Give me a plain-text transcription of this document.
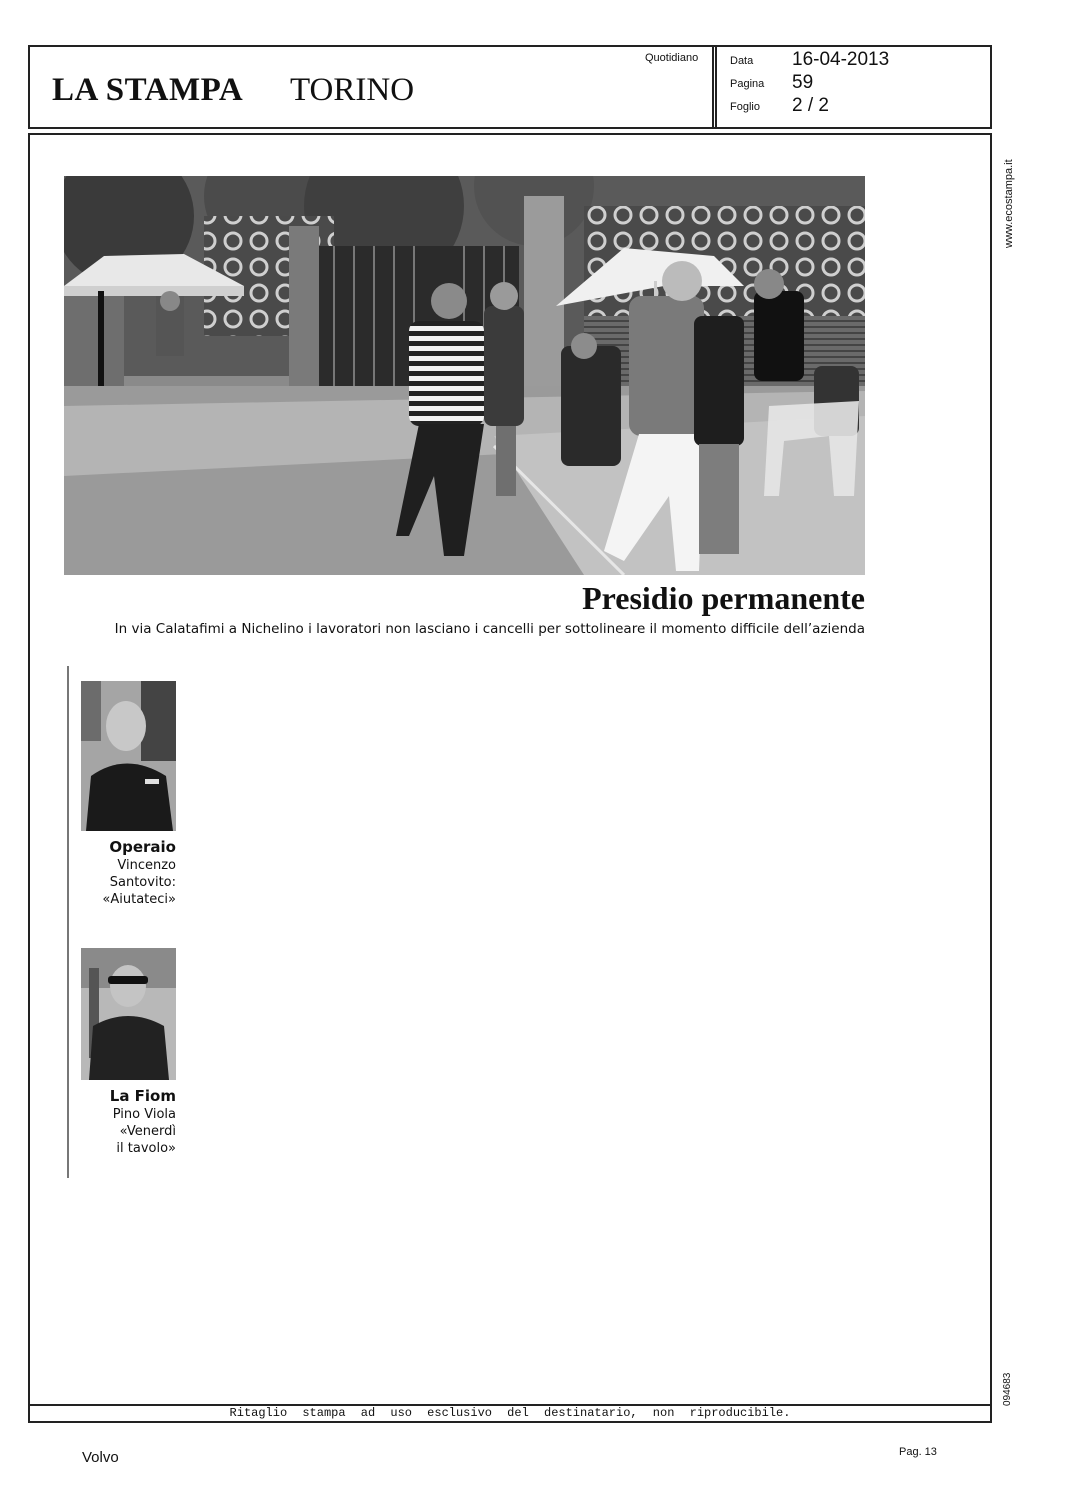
LA STAMPA TORINO
Quotidiano	Data 16-04-2013
Pagina 59
Foglio 2 / 2
Ritaglio stampa ad uso esclusivo del destinatario, non riproducibile.
www.ecostampa.it
094683
Presidio permanente
In via Calatafimi a Nichelino i lavoratori non lasciano i cancelli per sottolineare il momento difficile dell’azienda
Operaio
Vincenzo
Santovito:
«Aiutateci»
La Fiom
Pino Viola
«Venerdì
il tavolo»
Volvo	Pag. 13
